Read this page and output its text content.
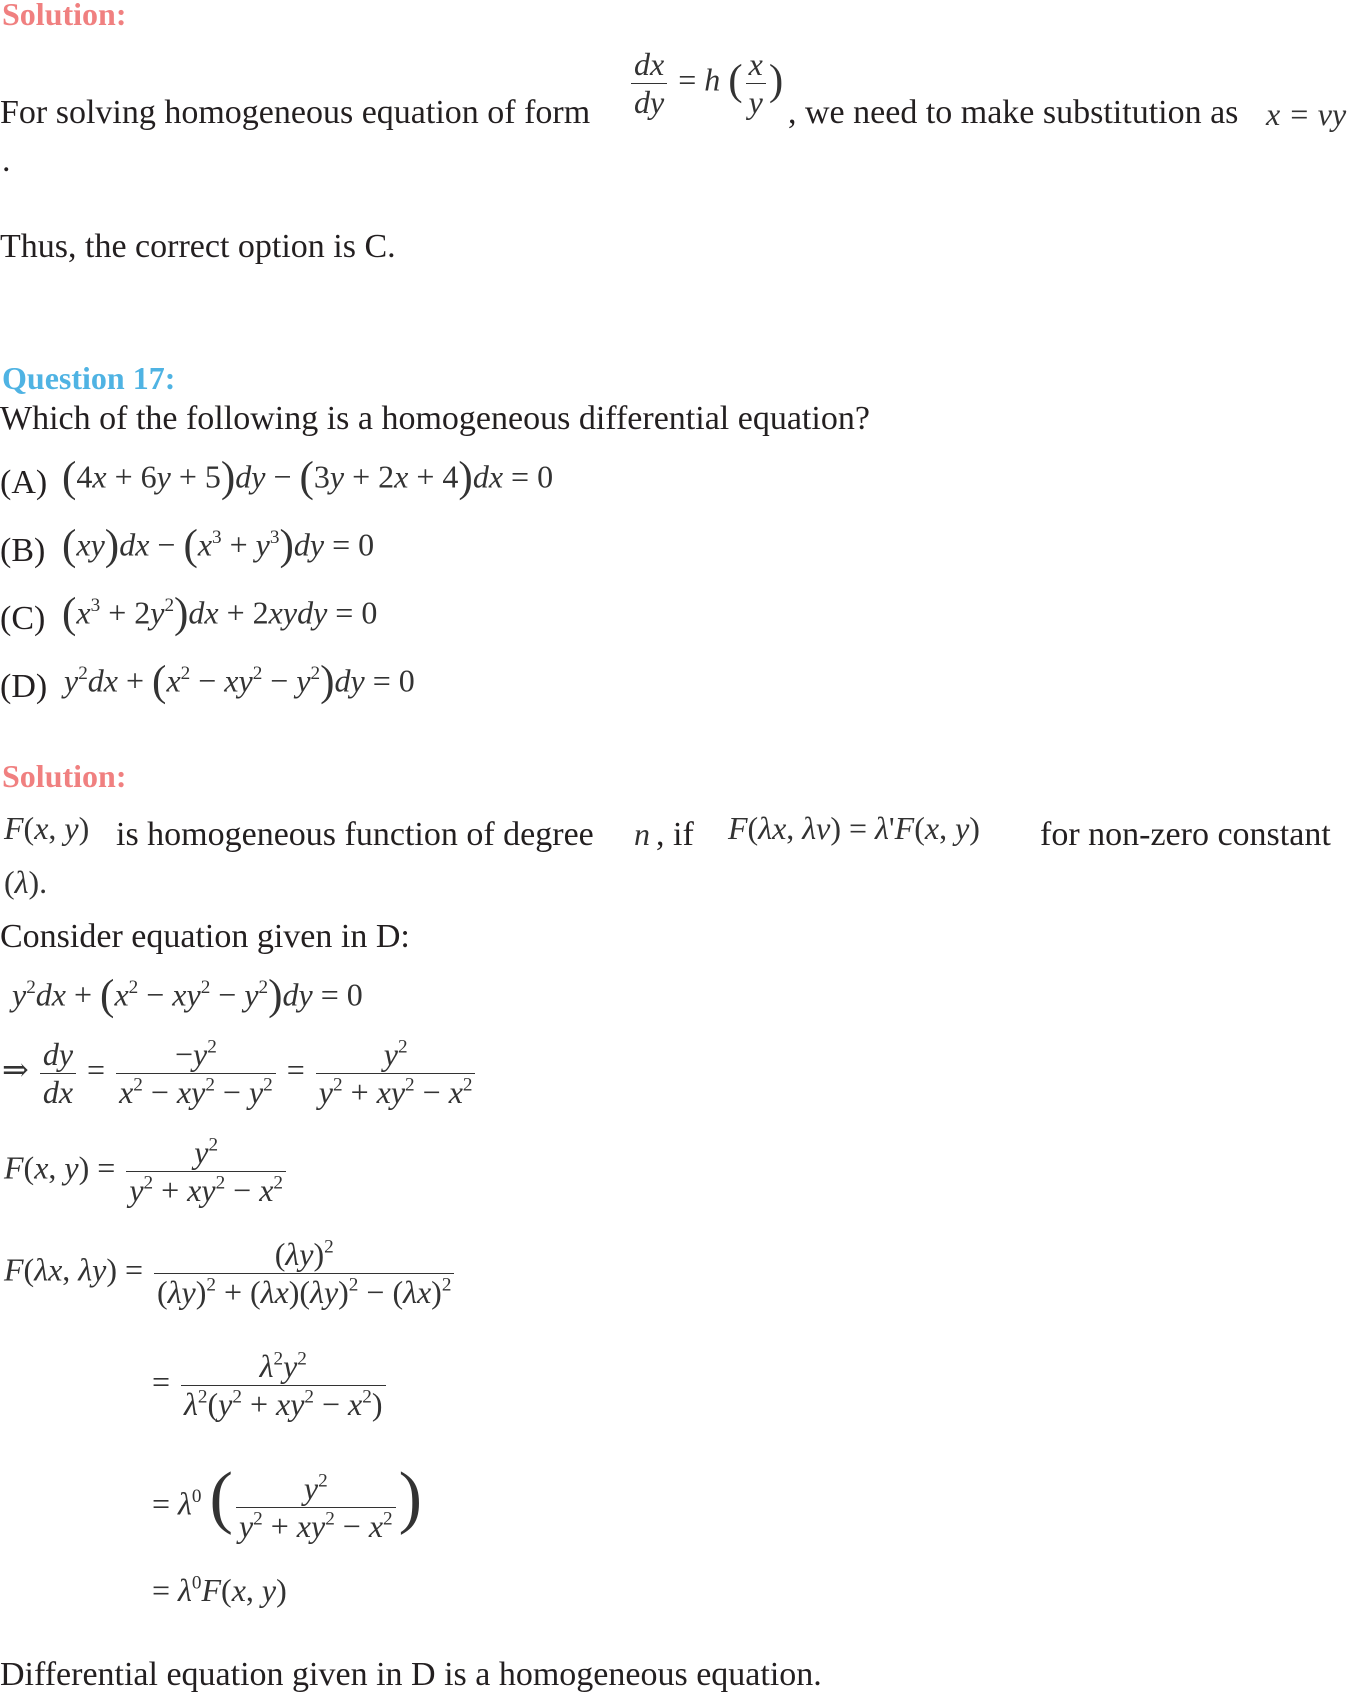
Solution:
For solving homogeneous equation of form $\frac{dx}{dy} = h$ ( $\frac{x}{y}$ )
, we need to make substitution as x = vy
.
Thus, the correct option is C.
Question 17:
Which of the following is a homogeneous differential equation?
(A) (4x + 6y + 5)dy − (3y + 2x + 4)dx = 0
(B) $(xy)dx - (x^3 + y^3)dy = 0$
(C) $(x^3 + 2y^2)dx$ + 2xydy = 0
(D) $y^2dx + (x^2 - xy^2 - y^2)dy = 0$
Solution:
F(x, y) is homogeneous function of degree n , if F(λx, λv) = λ'F(x, y) for non-zero constant
(λ).
Consider equation given in D:
$y^2dx + (x^2 - xy^2 - y^2)dy = 0$
⇒ $\frac{dy}{dx} = \frac{-y^2}{x^2 - xy^2 - y^2} = \frac{y^2}{y^2 + xy^2 - x^2}$
F(x, $y) = \frac{y^2}{y^2 + xy^2 - x^2}$
F(λx, $\lambda y) = \frac{(\lambda y)^2}{(\lambda y)^2 + (\lambda x)(\lambda y)^2 - (\lambda x)^2}$
= $\frac{\lambda^2y^2}{\lambda^2(y^2 + xy^2 - x^2)}$
= $\lambda^0$ ( $\frac{y^2}{y^2 + xy^2 - x^2}$ )
= $\lambda^0F(x$, y)
Differential equation given in D is a homogeneous equation.
